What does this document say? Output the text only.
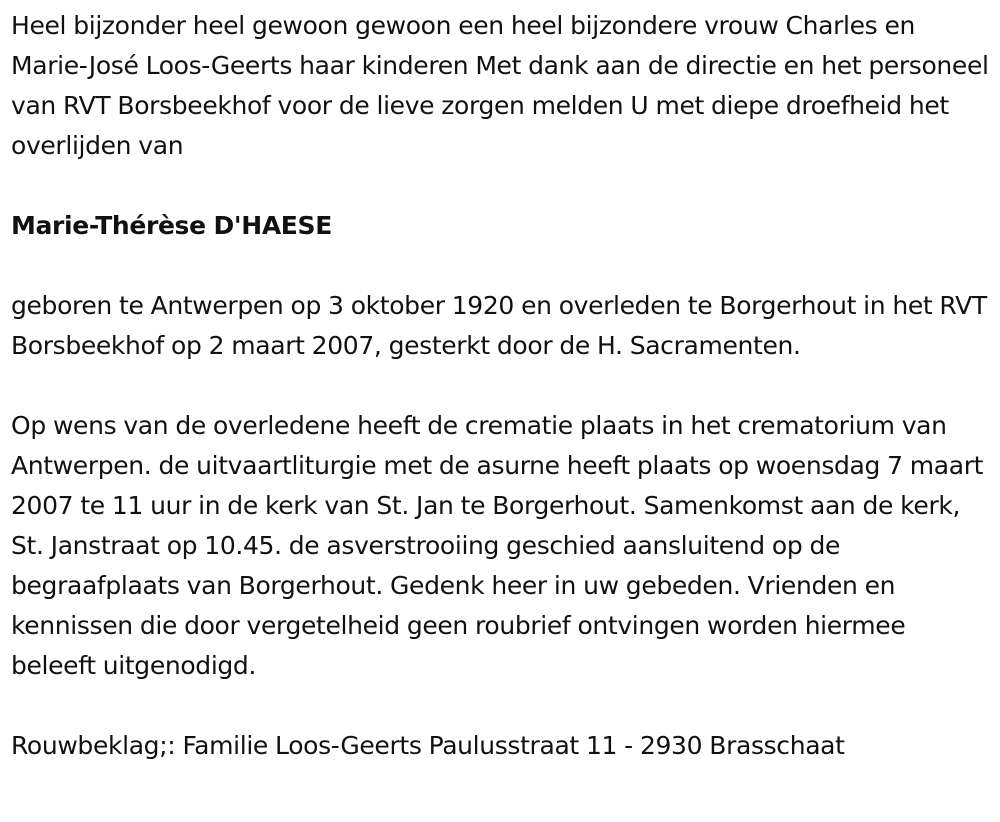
Heel bijzonder heel gewoon gewoon een heel bijzondere vrouw Charles en Marie-José Loos-Geerts haar kinderen Met dank aan de directie en het personeel van RVT Borsbeekhof voor de lieve zorgen melden U met diepe droefheid het overlijden van

Marie-Thérèse D'HAESE

geboren te Antwerpen op 3 oktober 1920 en overleden te Borgerhout in het RVT Borsbeekhof op 2 maart 2007, gesterkt door de H. Sacramenten.

Op wens van de overledene heeft de crematie plaats in het crematorium van Antwerpen. de uitvaartliturgie met de asurne heeft plaats op woensdag 7 maart 2007 te 11 uur in de kerk van St. Jan te Borgerhout. Samenkomst aan de kerk, St. Janstraat op 10.45. de asverstrooiing geschied aansluitend op de begraafplaats van Borgerhout. Gedenk heer in uw gebeden. Vrienden en kennissen die door vergetelheid geen roubrief ontvingen worden hiermee beleeft uitgenodigd.

Rouwbeklag;: Familie Loos-Geerts Paulusstraat 11 - 2930 Brasschaat
